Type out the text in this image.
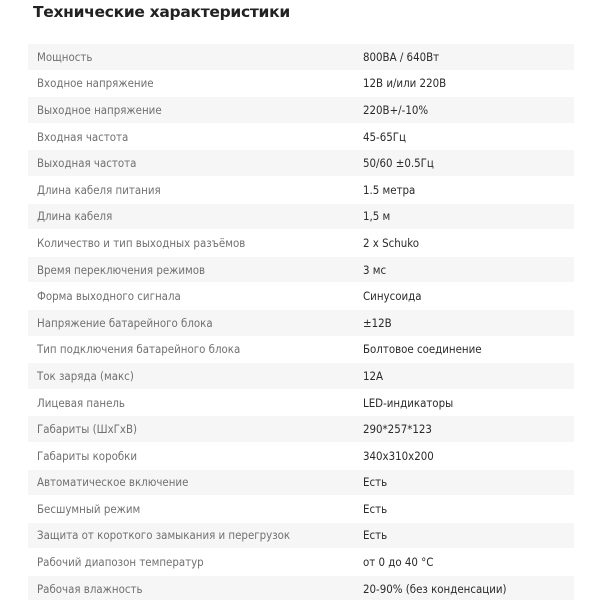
Технические характеристики
Мощность	800ВА / 640Вт
Входное напряжение	12В и/или 220В
Выходное напряжение	220В+/-10%
Входная частота	45-65Гц
Выходная частота	50/60 ±0.5Гц
Длина кабеля питания	1.5 метра
Длина кабеля	1,5 м
Количество и тип выходных разъёмов	2 x Schuko
Время переключения режимов	3 мс
Форма выходного сигнала	Синусоида
Напряжение батарейного блока	±12В
Тип подключения батарейного блока	Болтовое соединение
Ток заряда (макс)	12А
Лицевая панель	LED-индикаторы
Габариты (ШхГхВ)	290*257*123
Габариты коробки	340х310х200
Автоматическое включение	Есть
Бесшумный режим	Есть
Защита от короткого замыкания и перегрузок	Есть
Рабочий диапозон температур	от 0 до 40 °С
Рабочая влажность	20-90% (без конденсации)
